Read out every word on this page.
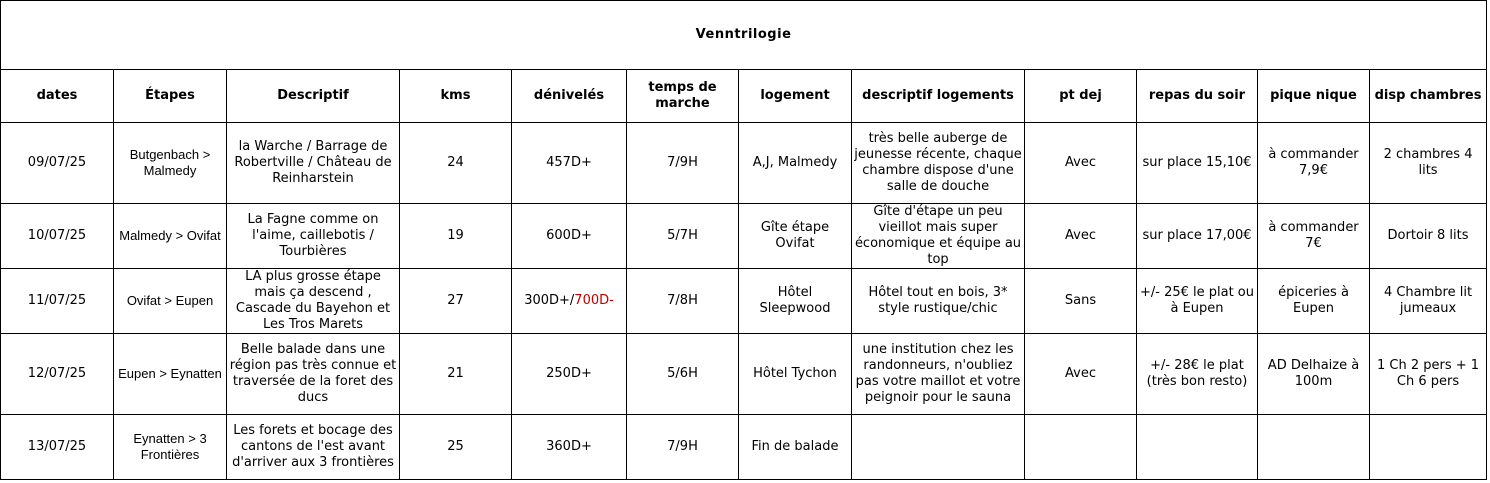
Venntrilogie											
dates	Étapes	Descriptif	kms	dénivelés	temps de marche	logement	descriptif logements	pt dej	repas du soir	pique nique	disp chambres
09/07/25	Butgenbach > Malmedy	la Warche / Barrage de Robertville / Château de Reinharstein	24	457D+	7/9H	A,J, Malmedy	très belle auberge de jeunesse récente, chaque chambre dispose d'une salle de douche	Avec	sur place 15,10€	à commander 7,9€	2 chambres 4 lits
10/07/25	Malmedy > Ovifat	La Fagne comme on l'aime, caillebotis / Tourbières	19	600D+	5/7H	Gîte étape Ovifat	Gîte d'étape un peu vieillot mais super économique et équipe au top	Avec	sur place 17,00€	à commander 7€	Dortoir 8 lits
11/07/25	Ovifat > Eupen	LA plus grosse étape mais ça descend , Cascade du Bayehon et Les Tros Marets	27	300D+/700D-	7/8H	Hôtel Sleepwood	Hôtel tout en bois, 3* style rustique/chic	Sans	+/- 25€ le plat ou à Eupen	épiceries à Eupen	4 Chambre lit jumeaux
12/07/25	Eupen > Eynatten	Belle balade dans une région pas très connue et traversée de la foret des ducs	21	250D+	5/6H	Hôtel Tychon	une institution chez les randonneurs, n'oubliez pas votre maillot et votre peignoir pour le sauna	Avec	+/- 28€ le plat (très bon resto)	AD Delhaize à 100m	1 Ch 2 pers + 1 Ch 6 pers
13/07/25	Eynatten > 3 Frontières	Les forets et bocage des cantons de l'est avant d'arriver aux 3 frontières	25	360D+	7/9H	Fin de balade					
